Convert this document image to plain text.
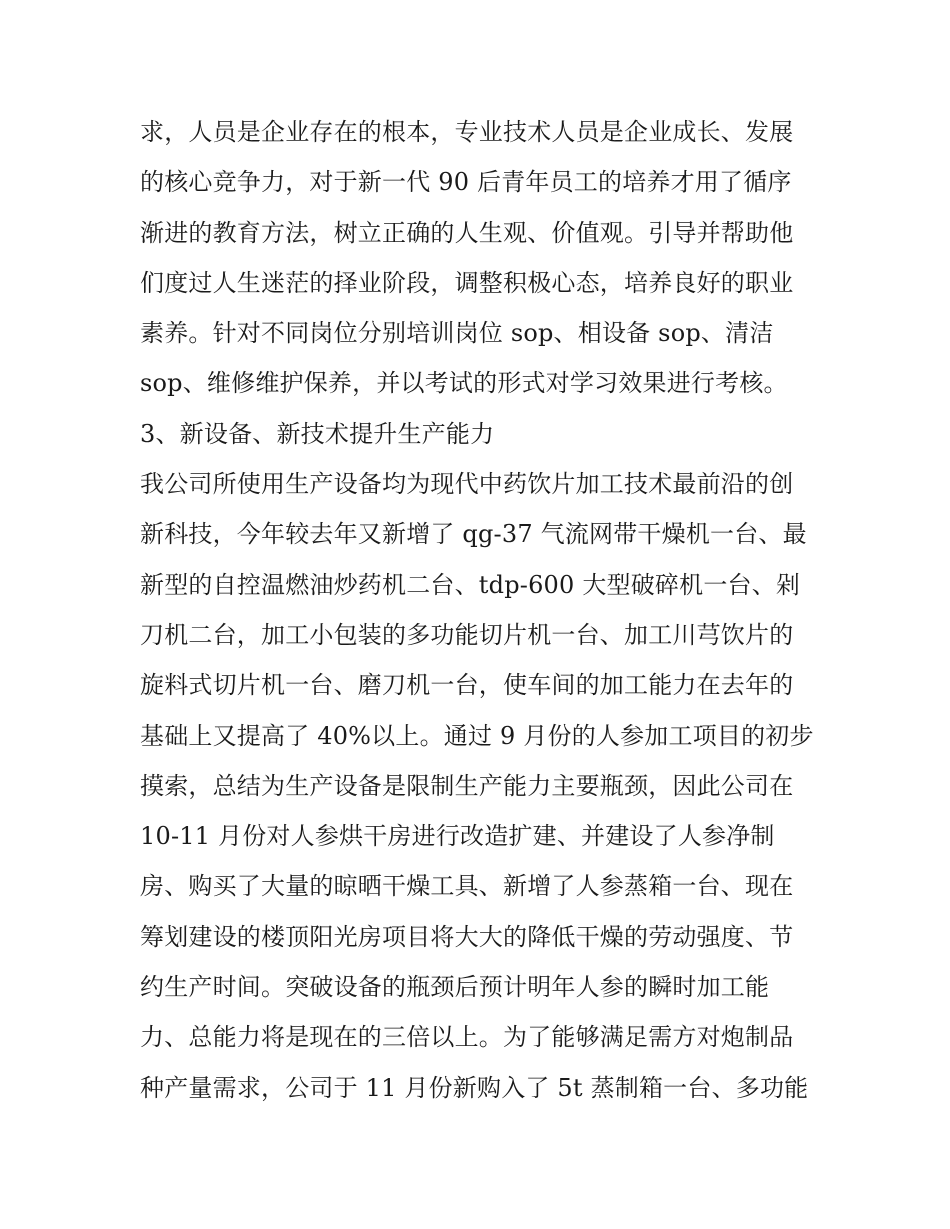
求，人员是企业存在的根本，专业技术人员是企业成长、发展
的核心竞争力，对于新一代 90 后青年员工的培养才用了循序
渐进的教育方法，树立正确的人生观、价值观。引导并帮助他
们度过人生迷茫的择业阶段，调整积极心态，培养良好的职业
素养。针对不同岗位分别培训岗位 sop、相设备 sop、清洁
sop、维修维护保养，并以考试的形式对学习效果进行考核。
3、新设备、新技术提升生产能力
我公司所使用生产设备均为现代中药饮片加工技术最前沿的创
新科技，今年较去年又新增了 qg-37 气流网带干燥机一台、最
新型的自控温燃油炒药机二台、tdp-600 大型破碎机一台、剁
刀机二台，加工小包装的多功能切片机一台、加工川芎饮片的
旋料式切片机一台、磨刀机一台，使车间的加工能力在去年的
基础上又提高了 40%以上。通过 9 月份的人参加工项目的初步
摸索，总结为生产设备是限制生产能力主要瓶颈，因此公司在
10-11 月份对人参烘干房进行改造扩建、并建设了人参净制
房、购买了大量的晾晒干燥工具、新增了人参蒸箱一台、现在
筹划建设的楼顶阳光房项目将大大的降低干燥的劳动强度、节
约生产时间。突破设备的瓶颈后预计明年人参的瞬时加工能
力、总能力将是现在的三倍以上。为了能够满足需方对炮制品
种产量需求，公司于 11 月份新购入了 5t 蒸制箱一台、多功能
